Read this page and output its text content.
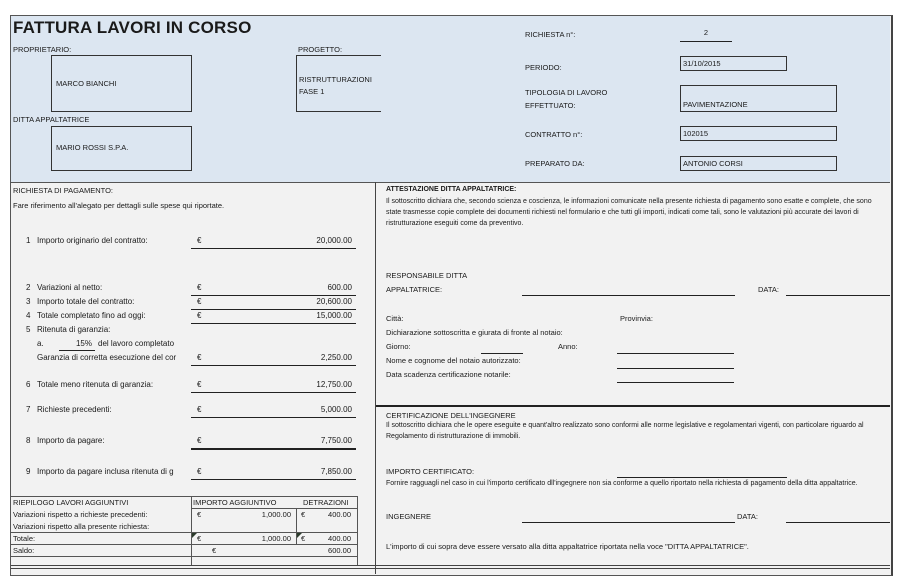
FATTURA LAVORI IN CORSO
PROPRIETARIO:
MARCO BIANCHI
DITTA APPALTATRICE
MARIO ROSSI S.P.A.
PROGETTO:
RISTRUTTURAZIONI
FASE 1
RICHIESTA n°:	2
PERIODO:	31/10/2015
TIPOLOGIA DI LAVORO
EFFETTUATO:	PAVIMENTAZIONE
CONTRATTO n°:	102015
PREPARATO DA:	ANTONIO CORSI
RICHIESTA DI PAGAMENTO:
Fare riferimento all'alegato per dettagli sulle spese qui riportate.
1 Importo originario del contratto:	€	20,000.00
2 Variazioni al netto:	€	600.00
3 Importo totale del contratto:	€	20,600.00
4 Totale completato fino ad oggi:	€	15,000.00
5 Ritenuta di garanzia:
a.	15% del lavoro completato
Garanzia di corretta esecuzione del cor	€	2,250.00
6 Totale meno ritenuta di garanzia:	€	12,750.00
7 Richieste precedenti:	€	5,000.00
8 Importo da pagare:	€	7,750.00
9 Importo da pagare inclusa ritenuta di g	€	7,850.00
RIEPILOGO LAVORI AGGIUNTIVI	IMPORTO AGGIUNTIVO	DETRAZIONI
Variazioni rispetto a richieste precedenti:	€	1,000.00 €	400.00
Variazioni rispetto alla presente richiesta:
Totale:	€	1,000.00 €	400.00
Saldo:	€	600.00
ATTESTAZIONE DITTA APPALTATRICE:
Il sottoscritto dichiara che, secondo scienza e coscienza, le informazioni comunicate nella presente richiesta di pagamento sono esatte e complete, che sono state trasmesse copie complete dei documenti richiesti nel formulario e che tutti gli importi, indicati come tali, sono le valutazioni più accurate dei lavori di ristrutturazione eseguiti come da preventivo.
RESPONSABILE DITTA
APPALTATRICE:	DATA:
Città:	Provinvia:
Dichiarazione sottoscritta e giurata di fronte al notaio:
Giorno:	Anno:
Nome e cognome del notaio autorizzato:
Data scadenza certificazione notarile:
CERTIFICAZIONE DELL'INGEGNERE
Il sottoscritto dichiara che le opere eseguite e quant'altro realizzato sono conformi alle norme legislative e regolamentari vigenti, con particolare riguardo al Regolamento di ristrutturazione di immobili.
IMPORTO CERTIFICATO:
Fornire ragguagli nel caso in cui l'importo certificato dll'ingegnere non sia conforme a quello riportato nella richiesta di pagamento della ditta appaltatrice.
INGEGNERE	DATA:
L'importo di cui sopra deve essere versato alla ditta appaltatrice riportata nella voce "DITTA APPALTATRICE".
